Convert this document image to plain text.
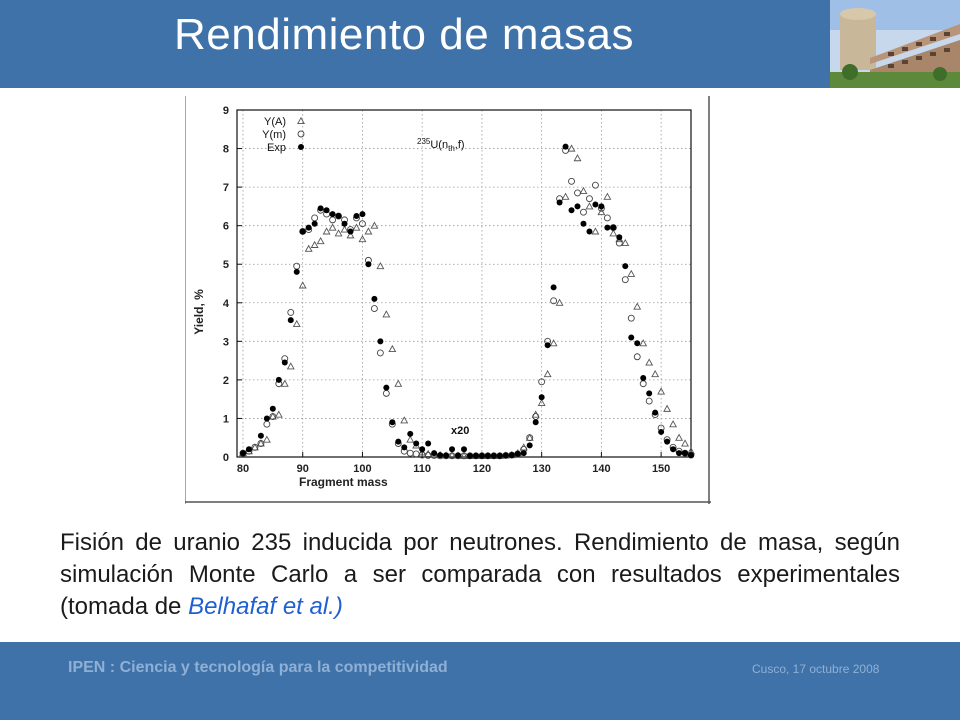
Rendimiento de masas
80	90	100	110	120	130	140	150
0
1
2
3
4
5
6
7
8
9
Y(A)
Y(m)
Exp
Fragment mass
Yield, %
$^{235}U(n_{th},f)$
x20
Fisión de uranio 235 inducida por neutrones. Rendimiento de masa, según simulación Monte Carlo a ser comparada con resultados experimentales (tomada de Belhafaf et al.)
IPEN : Ciencia y tecnología para la competitividad	Cusco, 17 octubre 2008
